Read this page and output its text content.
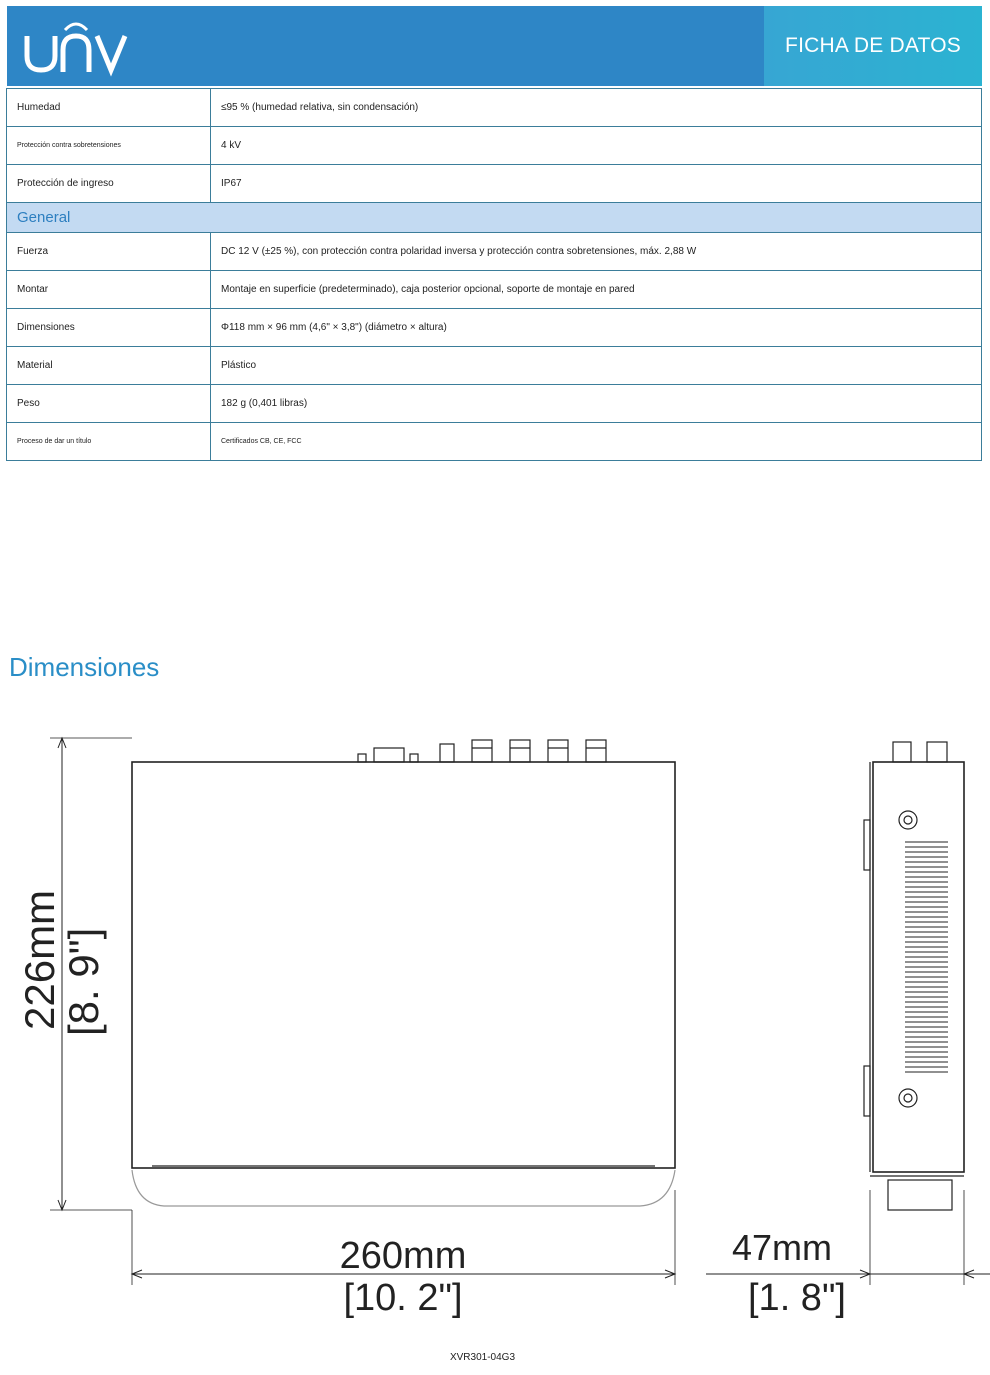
FICHA DE DATOS
Humedad	≤95 % (humedad relativa, sin condensación)
Protección contra sobretensiones	4 kV
Protección de ingreso	IP67
General	
Fuerza	DC 12 V (±25 %), con protección contra polaridad inversa y protección contra sobretensiones, máx. 2,88 W
Montar	Montaje en superficie (predeterminado), caja posterior opcional, soporte de montaje en pared
Dimensiones	Φ118 mm × 96 mm (4,6" × 3,8") (diámetro × altura)
Material	Plástico
Peso	182 g (0,401 libras)
Proceso de dar un título	Certificados CB, CE, FCC
Dimensiones
226mm
[8. 9"]
260mm
[10. 2"]
47mm
[1. 8"]
XVR301-04G3
